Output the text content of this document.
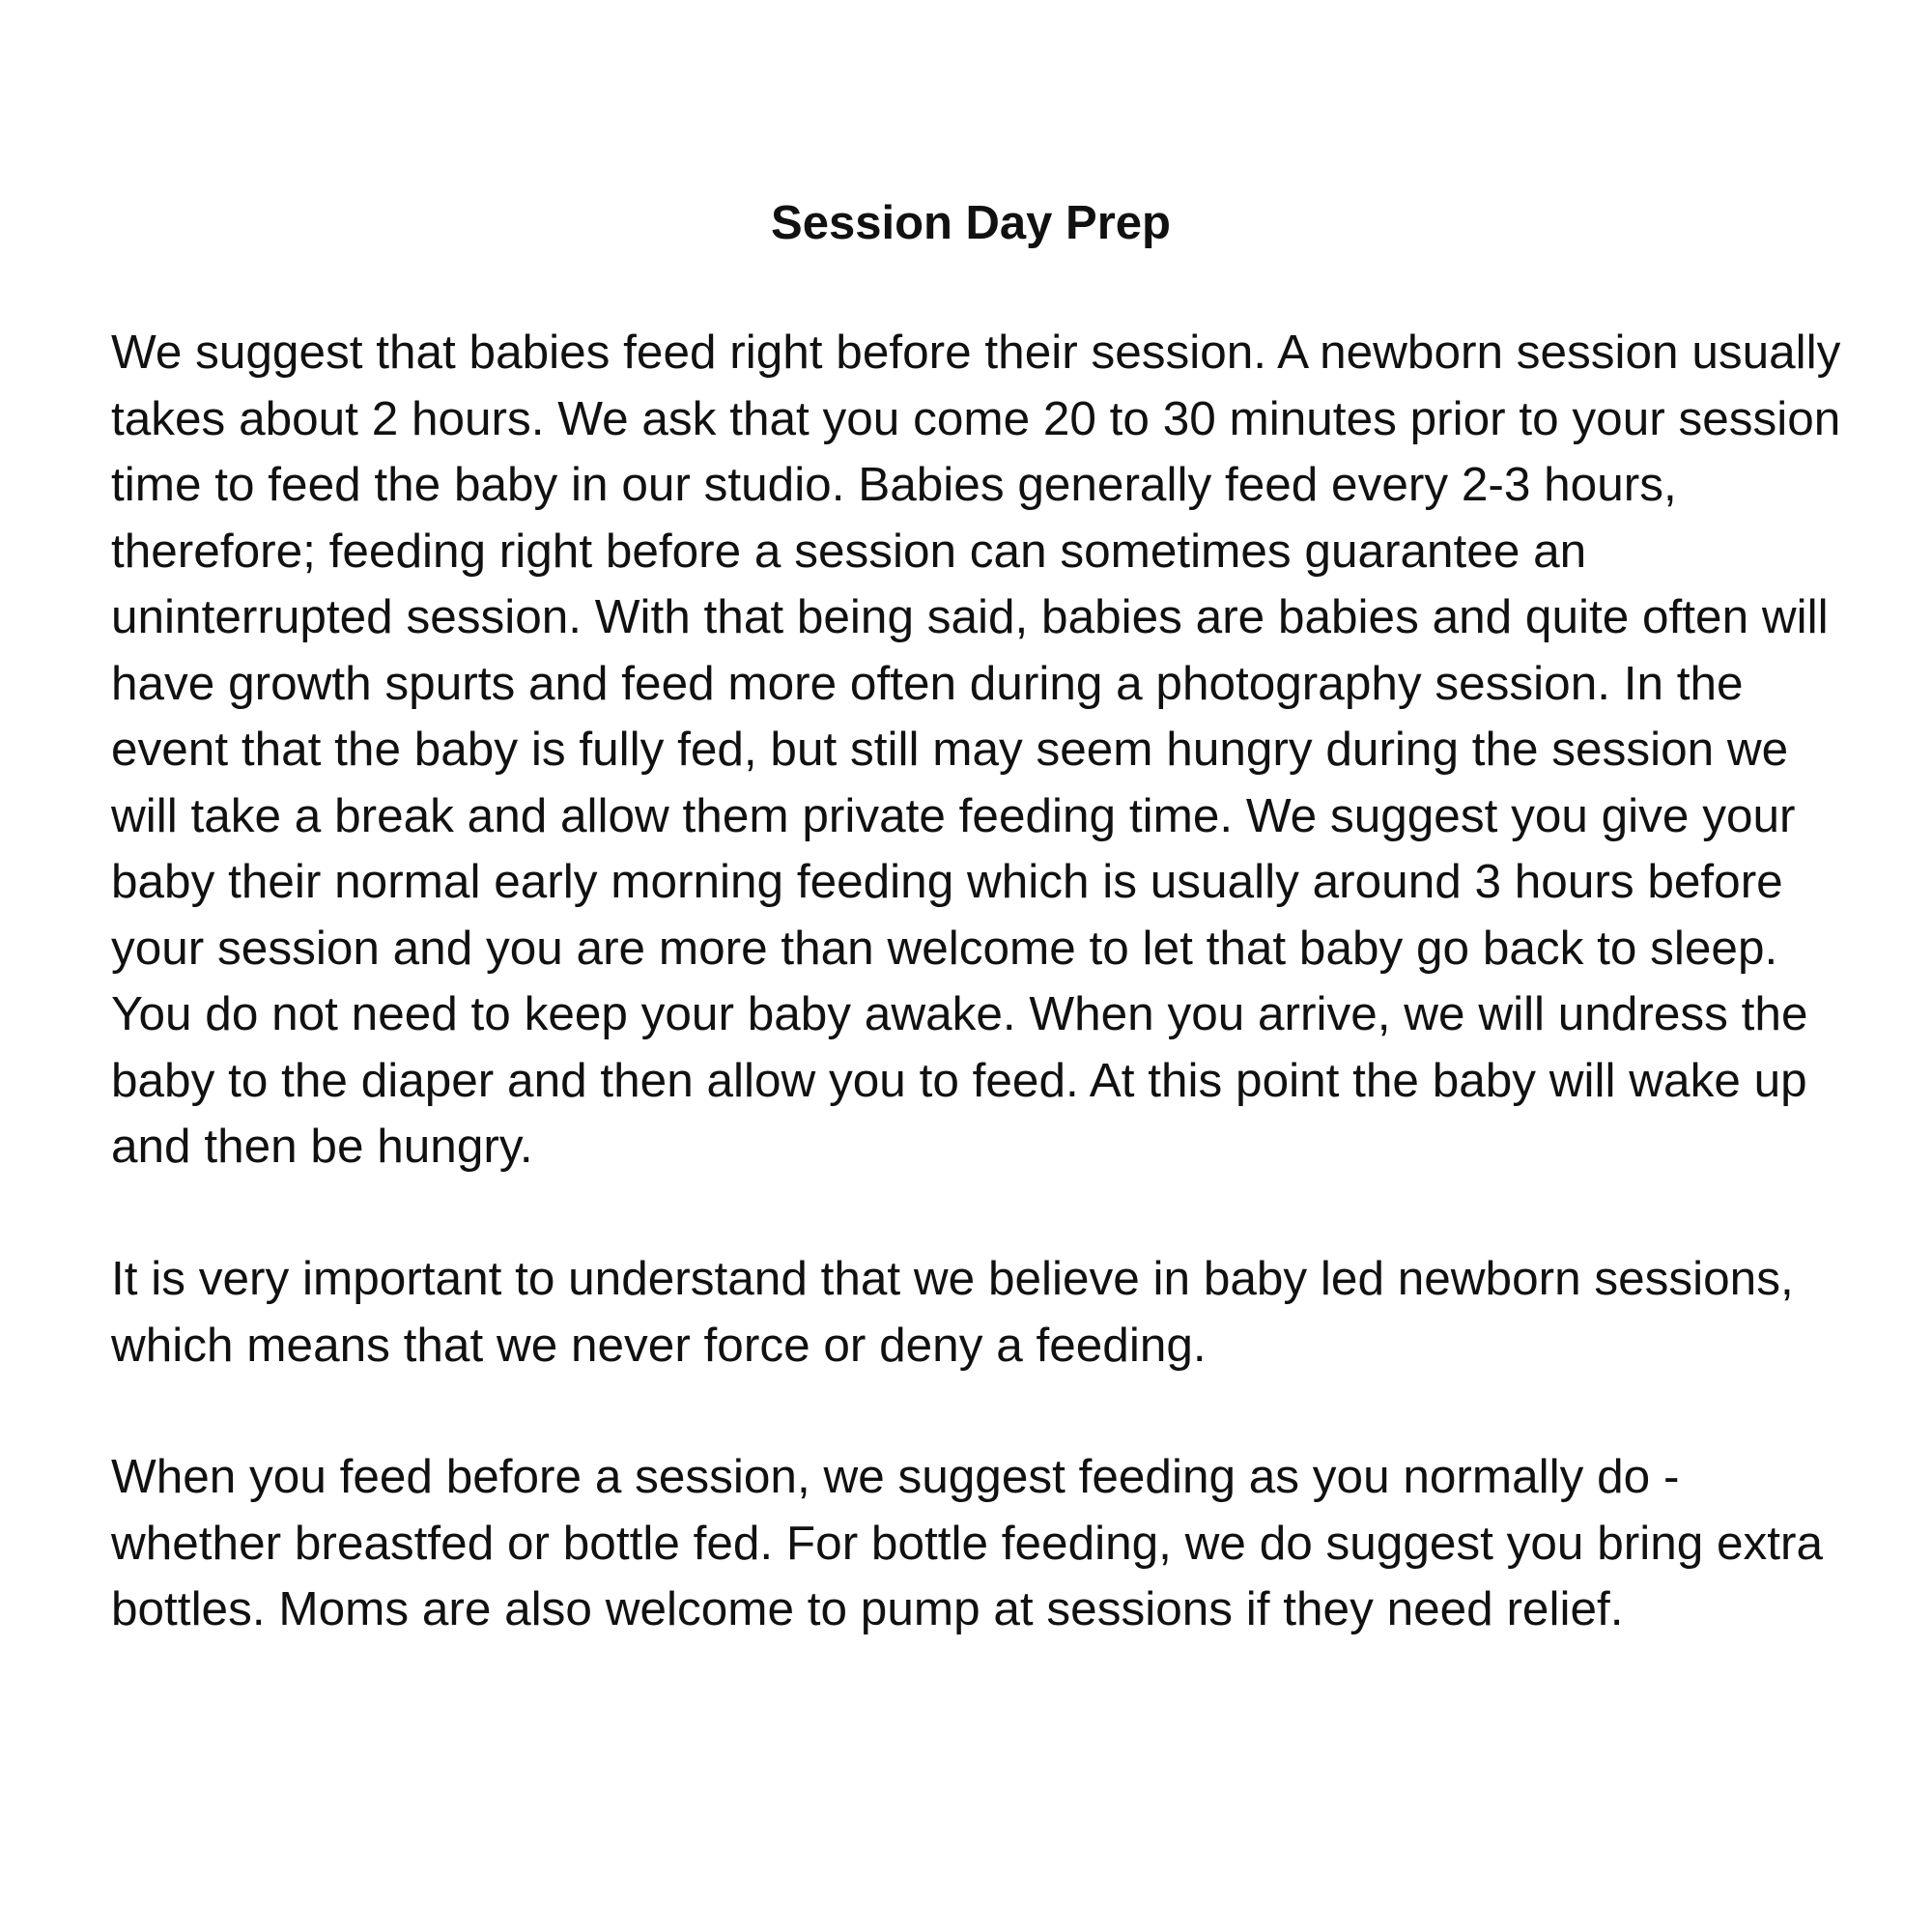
Session Day Prep

We suggest that babies feed right before their session. A newborn session usually takes about 2 hours. We ask that you come 20 to 30 minutes prior to your session time to feed the baby in our studio. Babies generally feed every 2-3 hours, therefore; feeding right before a session can sometimes guarantee an uninterrupted session. With that being said, babies are babies and quite often will have growth spurts and feed more often during a photography session. In the event that the baby is fully fed, but still may seem hungry during the session we will take a break and allow them private feeding time. We suggest you give your baby their normal early morning feeding which is usually around 3 hours before your session and you are more than welcome to let that baby go back to sleep. You do not need to keep your baby awake. When you arrive, we will undress the baby to the diaper and then allow you to feed. At this point the baby will wake up and then be hungry.

It is very important to understand that we believe in baby led newborn sessions, which means that we never force or deny a feeding.

When you feed before a session, we suggest feeding as you normally do - whether breastfed or bottle fed. For bottle feeding, we do suggest you bring extra bottles. Moms are also welcome to pump at sessions if they need relief.
